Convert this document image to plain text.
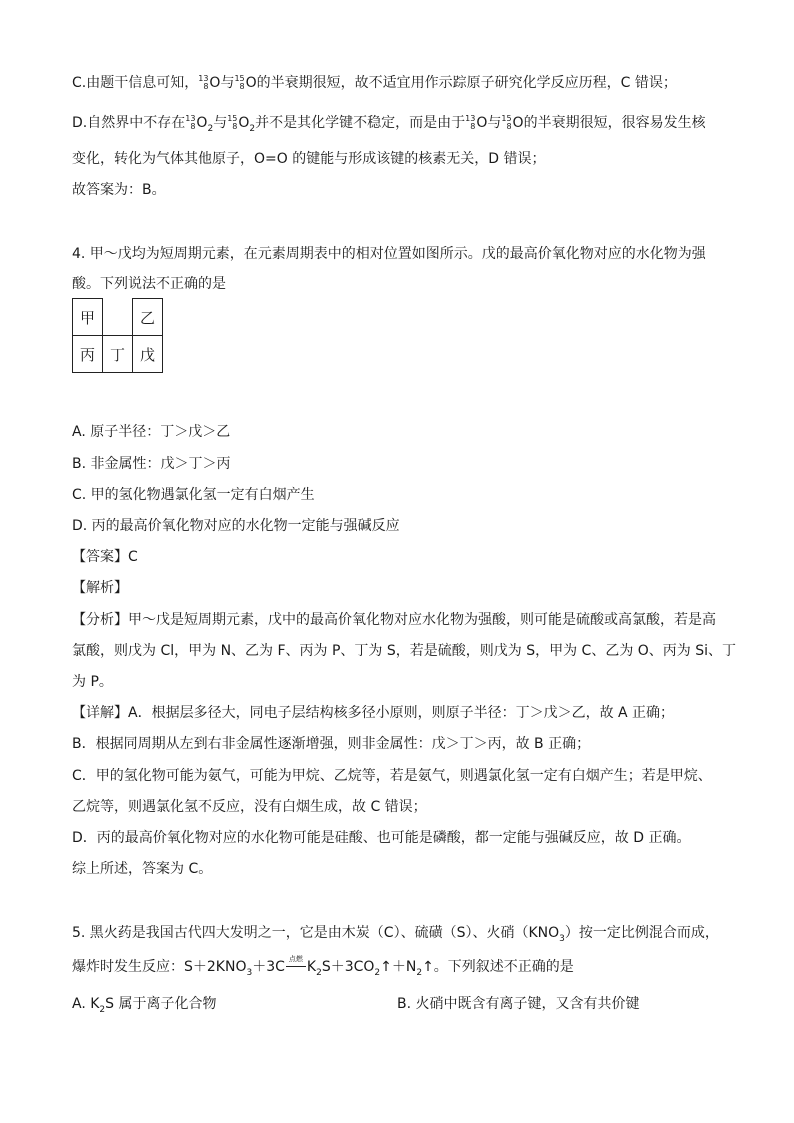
C.由题干信息可知， 13
8 O与 15
8 O的半衰期很短，故不适宜用作示踪原子研究化学反应历程，C 错误；
D.自然界中不存在 13
8 $O_2$与 15
8 $O_2$并不是其化学键不稳定，而是由于 13
8 O与 15
8 O的半衰期很短，很容易发生核
变化，转化为气体其他原子，O=O 的键能与形成该键的核素无关，D 错误；
故答案为：B。
4. 甲～戊均为短周期元素，在元素周期表中的相对位置如图所示。戊的最高价氧化物对应的水化物为强
酸。下列说法不正确的是
甲		乙
丙	丁	戊
A. 原子半径：丁＞戊＞乙
B. 非金属性：戊＞丁＞丙
C. 甲的氢化物遇氯化氢一定有白烟产生
D. 丙的最高价氧化物对应的水化物一定能与强碱反应
【答案】C
【解析】
【分析】甲～戊是短周期元素，戊中的最高价氧化物对应水化物为强酸，则可能是硫酸或高氯酸，若是高
氯酸，则戊为 Cl，甲为 N、乙为 F、丙为 P、丁为 S，若是硫酸，则戊为 S，甲为 C、乙为 O、丙为 Si、丁
为 P。
【详解】A．根据层多径大，同电子层结构核多径小原则，则原子半径：丁＞戊＞乙，故 A 正确；
B．根据同周期从左到右非金属性逐渐增强，则非金属性：戊＞丁＞丙，故 B 正确；
C．甲的氢化物可能为氨气，可能为甲烷、乙烷等，若是氨气，则遇氯化氢一定有白烟产生；若是甲烷、
乙烷等，则遇氯化氢不反应，没有白烟生成，故 C 错误；
D．丙的最高价氧化物对应的水化物可能是硅酸、也可能是磷酸，都一定能与强碱反应，故 D 正确。
综上所述，答案为 C。
5. 黑火药是我国古代四大发明之一，它是由木炭（C）、硫磺（S）、火硝$(KNO_3)$按一定比例混合而成，
爆炸时发生反应：$S+2KNO_3+3C$ 点燃 $K_2S+3CO_2↑+N_2↑$。下列叙述不正确的是
A. $K_2S$ 属于离子化合物	B. 火硝中既含有离子键，又含有共价键
